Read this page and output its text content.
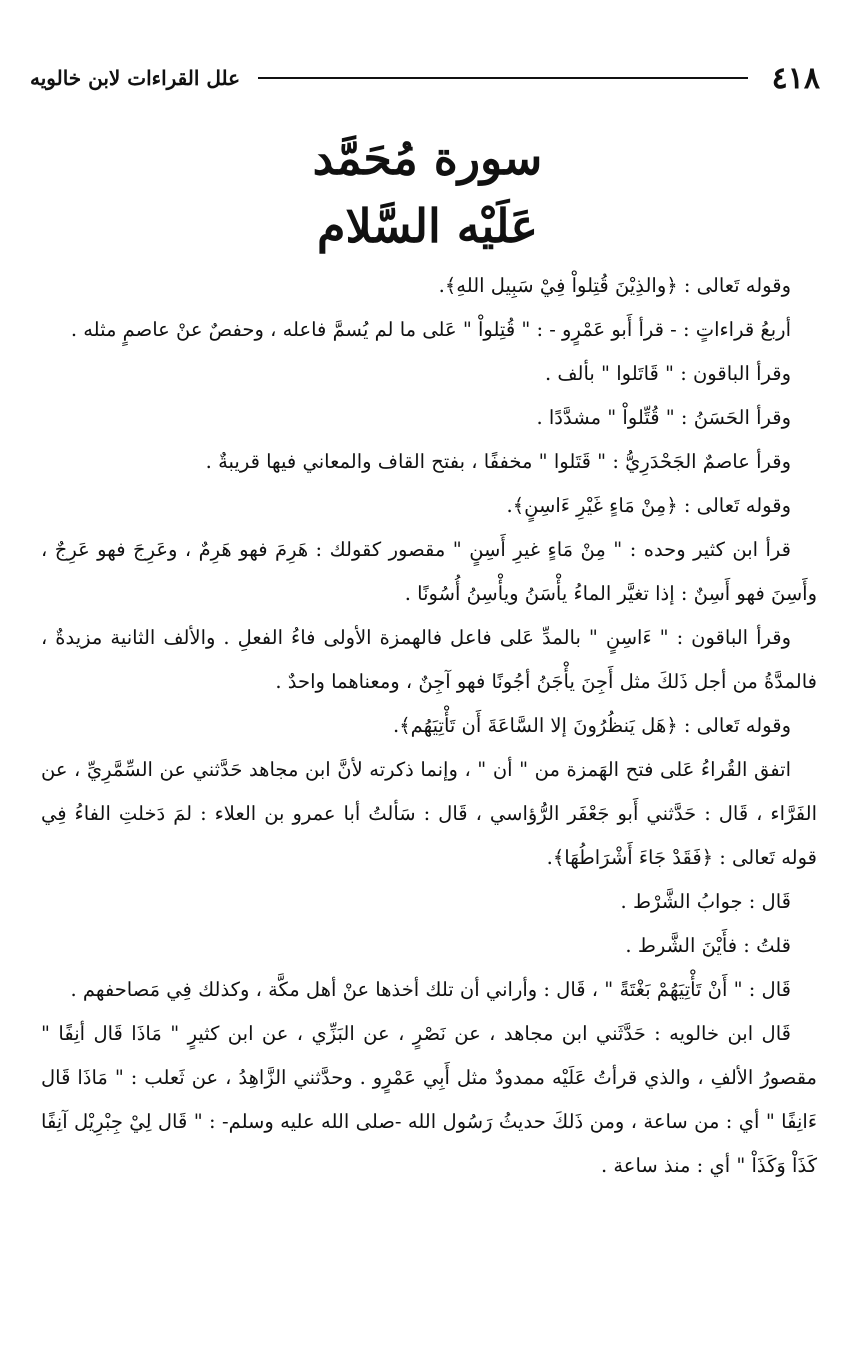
٤١٨
علل القراءات لابن خالويه
سورة مُحَمَّد
عَلَيْه السَّلام

وقوله تَعالى : ﴿والذِيْنَ قُتِلواْ فِيْ سَبِيل اللهِ﴾.

أربعُ قراءاتٍ : - قرأ أَبو عَمْرٍو - : " قُتِلواْ " عَلى ما لم يُسمَّ فاعله ، وحفصٌ عنْ عاصمٍ مثله .

وقرأ الباقون : " قَاتَلوا " بألف .

وقرأ الحَسَنُ : " قُتِّلواْ " مشدَّدًا .

وقرأ عاصمٌ الجَحْدَرِيُّ : " قَتَلوا " مخففًا ، بفتح القاف والمعاني فيها قريبةٌ .

وقوله تَعالى : ﴿مِنْ مَاءٍ غَيْرِ ءَاسِنٍ﴾.

قرأ ابن كثير وحده : " مِنْ مَاءٍ غيرِ أَسِنٍ " مقصور كقولك : هَرِمَ فهو هَرِمٌ ، وعَرِجَ فهو عَرِجٌ ، وأَسِنَ فهو أَسِنٌ : إذا تغيَّر الماءُ يأْسَنُ ويأْسِنُ أُسُونًا .

وقرأ الباقون : " ءَاسِنٍ " بالمدِّ عَلى فاعل فالهمزة الأولى فاءُ الفعلِ . والألف الثانية مزيدةٌ ، فالمدَّةُ من أجل ذَلكَ مثل أَجِنَ يأْجَنُ أجُونًا فهو آجِنٌ ، ومعناهما واحدٌ .

وقوله تَعالى : ﴿هَل يَنظُرُونَ إلا السَّاعَةَ أَن تَأْتِيَهُم﴾.

اتفق القُراءُ عَلى فتح الهَمزة من " أن " ، وإنما ذكرته لأنَّ ابن مجاهد حَدَّثني عن السِّمَّرِيِّ ، عن الفَرَّاء ، قَال : حَدَّثني أَبو جَعْفَر الرُّؤاسي ، قَال : سَألتُ أبا عمرو بن العلاء : لمَ دَخلتِ الفاءُ فِي قوله تَعالى : ﴿فَقَدْ جَاءَ أَشْرَاطُهَا﴾.

قَال : جوابُ الشَّرْط .

قلتُ : فأَيْنَ الشَّرط .

قَال : " أَنْ تَأْتِيَهُمْ بَغْتَةً " ، قَال : وأراني أن تلك أخذها عنْ أهل مكَّة ، وكذلك فِي مَصاحفهم .

قَال ابن خالويه : حَدَّثَني ابن مجاهد ، عن نَصْرٍ ، عن البَزِّي ، عن ابن كثيرٍ " مَاذَا قَال أنِفًا " مقصورُ الألفِ ، والذي قرأتُ عَلَيْه ممدودٌ مثل أَبِي عَمْرٍو . وحدَّثني الزَّاهِدُ ، عن ثَعلب : " مَاذَا قَال ءَانِفًا " أي : من ساعة ، ومن ذَلكَ حديثُ رَسُول الله -صلى الله عليه وسلم- : " قَال لِيْ جِبْرِيْل آنِفًا كَذَاْ وَكَذَاْ " أي : منذ ساعة .
